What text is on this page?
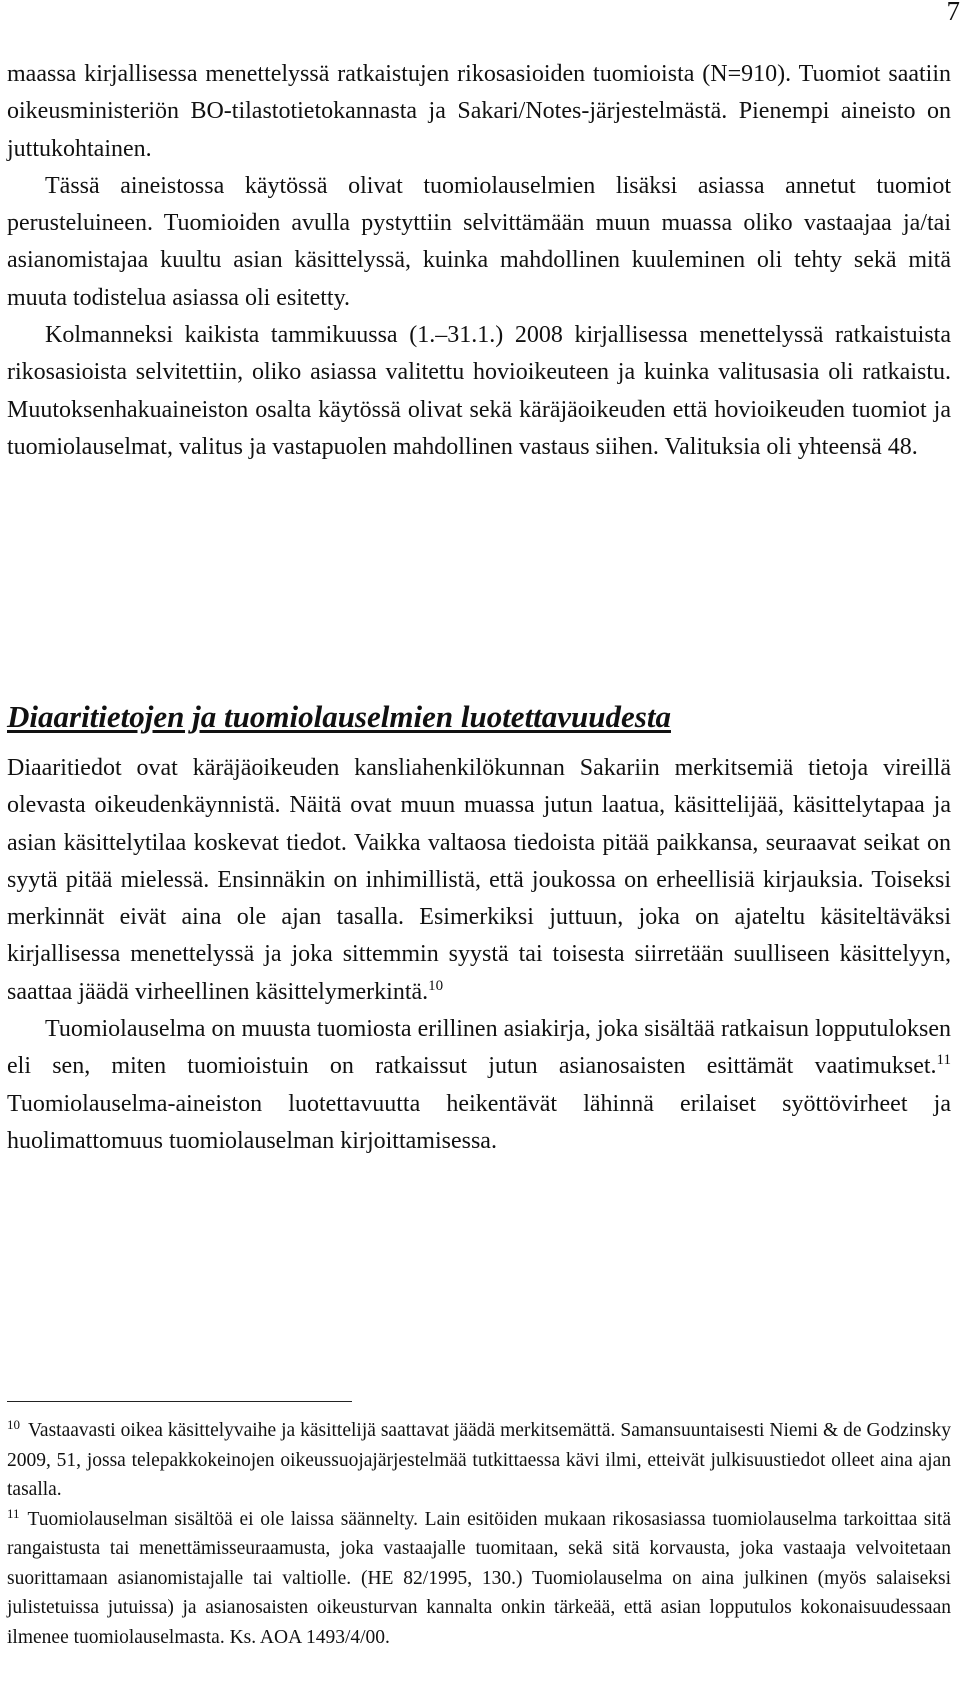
7

maassa kirjallisessa menettelyssä ratkaistujen rikosasioiden tuomioista (N=910). Tuomiot saatiin oikeusministeriön BO-tilastotietokannasta ja Sakari/Notes-järjestelmästä. Pienempi aineisto on juttukohtainen.

Tässä aineistossa käytössä olivat tuomiolauselmien lisäksi asiassa annetut tuomiot perusteluineen. Tuomioiden avulla pystyttiin selvittämään muun muassa oliko vastaajaa ja/tai asianomistajaa kuultu asian käsittelyssä, kuinka mahdollinen kuuleminen oli tehty sekä mitä muuta todistelua asiassa oli esitetty.

Kolmanneksi kaikista tammikuussa (1.–31.1.) 2008 kirjallisessa menettelyssä ratkaistuista rikosasioista selvitettiin, oliko asiassa valitettu hovioikeuteen ja kuinka valitusasia oli ratkaistu. Muutoksenhakuaineiston osalta käytössä olivat sekä käräjäoikeuden että hovioikeuden tuomiot ja tuomiolauselmat, valitus ja vastapuolen mahdollinen vastaus siihen. Valituksia oli yhteensä 48.

Diaaritietojen ja tuomiolauselmien luotettavuudesta

Diaaritiedot ovat käräjäoikeuden kansliahenkilökunnan Sakariin merkitsemiä tietoja vireillä olevasta oikeudenkäynnistä. Näitä ovat muun muassa jutun laatua, käsittelijää, käsittelytapaa ja asian käsittelytilaa koskevat tiedot. Vaikka valtaosa tiedoista pitää paikkansa, seuraavat seikat on syytä pitää mielessä. Ensinnäkin on inhimillistä, että joukossa on erheellisiä kirjauksia. Toiseksi merkinnät eivät aina ole ajan tasalla. Esimerkiksi juttuun, joka on ajateltu käsiteltäväksi kirjallisessa menettelyssä ja joka sittemmin syystä tai toisesta siirretään suulliseen käsittelyyn, saattaa jäädä virheellinen käsittelymerkintä.$^{10}$

Tuomiolauselma on muusta tuomiosta erillinen asiakirja, joka sisältää ratkaisun lopputuloksen eli sen, miten tuomioistuin on ratkaissut jutun asianosaisten esittämät vaatimukset.$^{11}$ Tuomiolauselma-aineiston luotettavuutta heikentävät lähinnä erilaiset syöttövirheet ja huolimattomuus tuomiolauselman kirjoittamisessa.

$^{10}$ Vastaavasti oikea käsittelyvaihe ja käsittelijä saattavat jäädä merkitsemättä. Samansuuntaisesti Niemi & de Godzinsky 2009, 51, jossa telepakkokeinojen oikeussuojajärjestelmää tutkittaessa kävi ilmi, etteivät julkisuustiedot olleet aina ajan tasalla.

$^{11}$ Tuomiolauselman sisältöä ei ole laissa säännelty. Lain esitöiden mukaan rikosasiassa tuomiolauselma tarkoittaa sitä rangaistusta tai menettämisseuraamusta, joka vastaajalle tuomitaan, sekä sitä korvausta, joka vastaaja velvoitetaan suorittamaan asianomistajalle tai valtiolle. (HE 82/1995, 130.) Tuomiolauselma on aina julkinen (myös salaiseksi julistetuissa jutuissa) ja asianosaisten oikeusturvan kannalta onkin tärkeää, että asian lopputulos kokonaisuudessaan ilmenee tuomiolauselmasta. Ks. AOA 1493/4/00.
